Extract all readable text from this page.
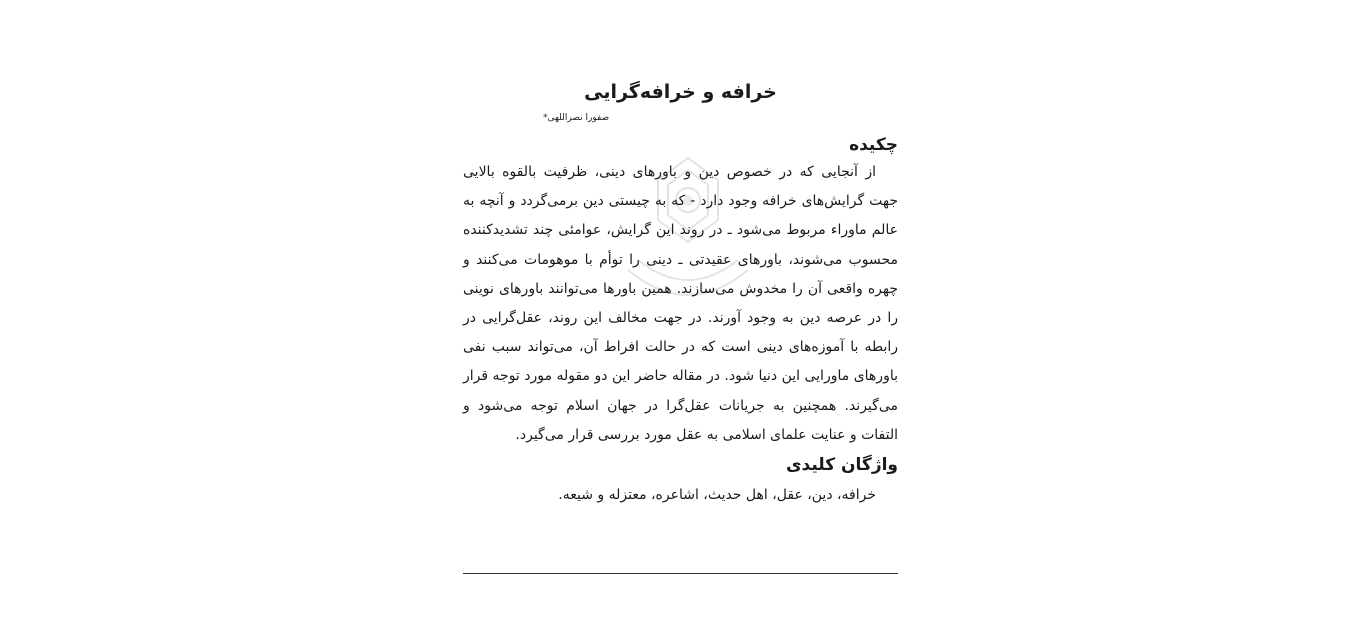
خرافه و خرافه‌گرایی
صفورا نصراللهی*
چکیده
از آنجایی که در خصوص دین و باورهای دینی، ظرفیت بالقوه بالایی جهت گرایش‌های خرافه وجود دارد - که به چیستی دین برمی‌گردد و آنچه به عالم ماوراء مربوط می‌شود ـ در روند این گرایش، عوامئی چند تشدیدکننده محسوب می‌شوند، باورهای عقیدتی ـ دینی را توأم با موهومات می‌کنند و چهره واقعی آن را مخدوش می‌سازند. همین باورها می‌توانند باورهای نوینی را در عرصه دین به وجود آورند. در جهت مخالف این روند، عقل‌گرایی در رابطه با آموزه‌های دینی است که در حالت افراط آن، می‌تواند سبب نفی باورهای ماورایی این دنیا شود. در مقاله حاضر این دو مقوله مورد توجه قرار می‌گیرند. همچنین به جریانات عقل‌گرا در جهان اسلام توجه می‌شود و التفات و عنایت علمای اسلامی به عقل مورد بررسی قرار می‌گیرد.
واژگان کلیدی
خرافه، دین، عقل، اهل حدیث، اشاعره، معتزله و شیعه.
